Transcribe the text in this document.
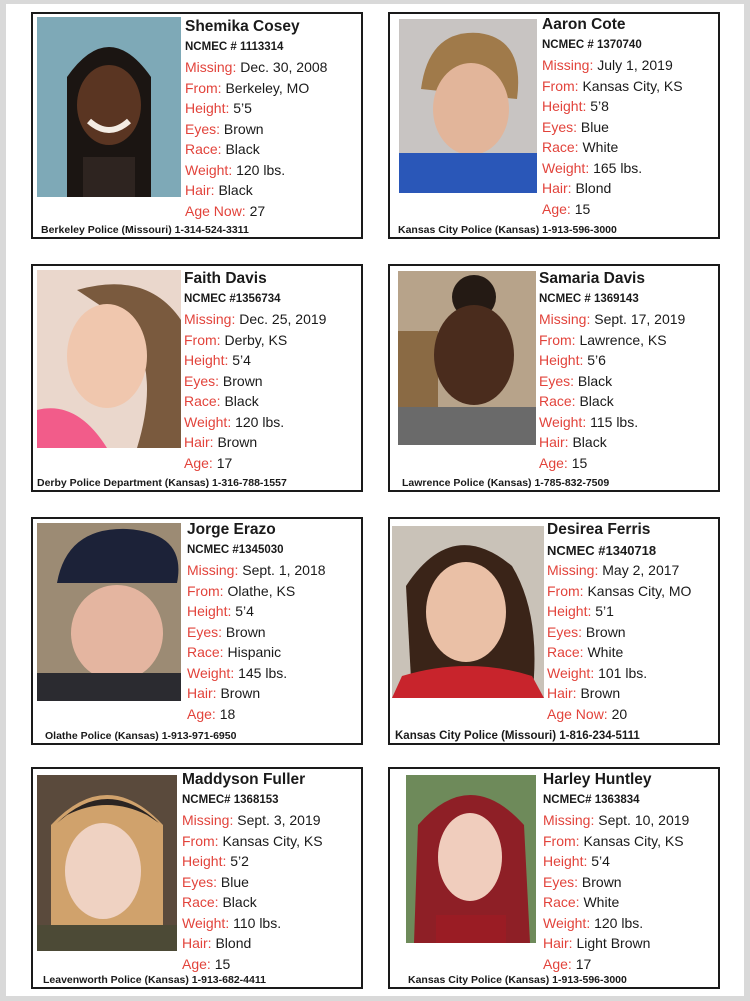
Shemika Cosey
NCMEC # 1113314
Missing: Dec. 30, 2008
From: Berkeley, MO
Height: 5’5
Eyes: Brown
Race: Black
Weight: 120 lbs.
Hair: Black
Age Now: 27
Berkeley Police (Missouri) 1-314-524-3311
Aaron Cote
NCMEC # 1370740
Missing: July 1, 2019
From: Kansas City, KS
Height: 5’8
Eyes: Blue
Race: White
Weight: 165 lbs.
Hair: Blond
Age: 15
Kansas City Police (Kansas) 1-913-596-3000
Faith Davis
NCMEC #1356734
Missing: Dec. 25, 2019
From: Derby, KS
Height: 5’4
Eyes: Brown
Race: Black
Weight: 120 lbs.
Hair: Brown
Age: 17
Derby Police Department (Kansas) 1-316-788-1557
Samaria Davis
NCMEC # 1369143
Missing: Sept. 17, 2019
From: Lawrence, KS
Height: 5’6
Eyes: Black
Race: Black
Weight: 115 lbs.
Hair: Black
Age: 15
Lawrence Police (Kansas) 1-785-832-7509
Jorge Erazo
NCMEC #1345030
Missing: Sept. 1, 2018
From: Olathe, KS
Height: 5’4
Eyes: Brown
Race: Hispanic
Weight: 145 lbs.
Hair: Brown
Age: 18
Olathe Police (Kansas) 1-913-971-6950
Desirea Ferris
NCMEC #1340718
Missing: May 2, 2017
From: Kansas City, MO
Height: 5’1
Eyes: Brown
Race: White
Weight: 101 lbs.
Hair: Brown
Age Now: 20
Kansas City Police (Missouri) 1-816-234-5111
Maddyson Fuller
NCMEC# 1368153
Missing: Sept. 3, 2019
From: Kansas City, KS
Height: 5’2
Eyes: Blue
Race: Black
Weight: 110 lbs.
Hair: Blond
Age: 15
Leavenworth Police (Kansas) 1-913-682-4411
Harley Huntley
NCMEC# 1363834
Missing: Sept. 10, 2019
From: Kansas City, KS
Height: 5’4
Eyes: Brown
Race: White
Weight: 120 lbs.
Hair: Light Brown
Age: 17
Kansas City Police (Kansas) 1-913-596-3000
